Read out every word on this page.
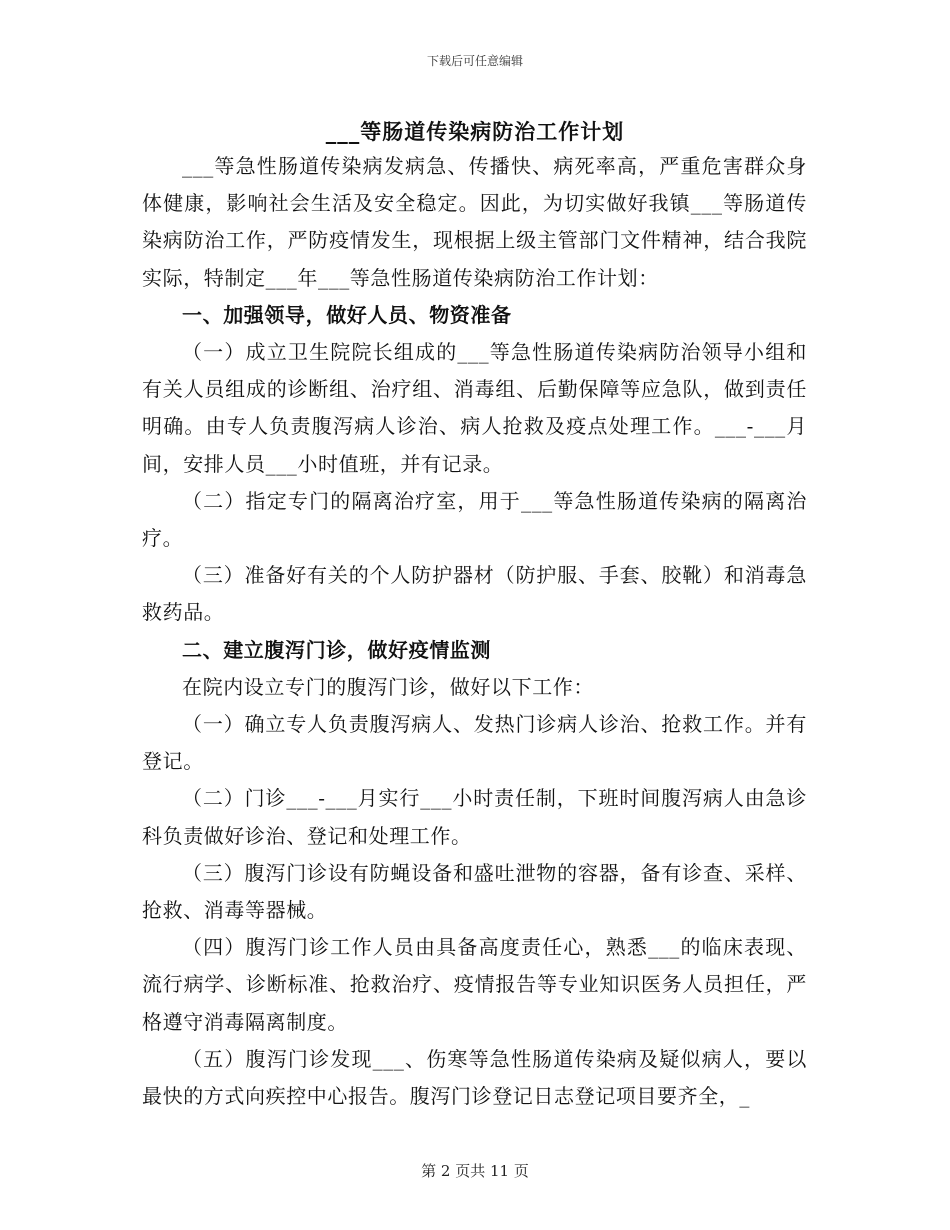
下载后可任意编辑
___等肠道传染病防治工作计划

___等急性肠道传染病发病急、传播快、病死率高，严重危害群众身体健康，影响社会生活及安全稳定。因此，为切实做好我镇___等肠道传染病防治工作，严防疫情发生，现根据上级主管部门文件精神，结合我院实际，特制定___年___等急性肠道传染病防治工作计划：

一、加强领导，做好人员、物资准备

（一）成立卫生院院长组成的___等急性肠道传染病防治领导小组和有关人员组成的诊断组、治疗组、消毒组、后勤保障等应急队，做到责任明确。由专人负责腹泻病人诊治、病人抢救及疫点处理工作。___-___月间，安排人员___小时值班，并有记录。

（二）指定专门的隔离治疗室，用于___等急性肠道传染病的隔离治疗。

（三）准备好有关的个人防护器材（防护服、手套、胶靴）和消毒急救药品。

二、建立腹泻门诊，做好疫情监测

在院内设立专门的腹泻门诊，做好以下工作：

（一）确立专人负责腹泻病人、发热门诊病人诊治、抢救工作。并有登记。

（二）门诊___-___月实行___小时责任制，下班时间腹泻病人由急诊科负责做好诊治、登记和处理工作。

（三）腹泻门诊设有防蝇设备和盛吐泄物的容器，备有诊查、采样、抢救、消毒等器械。

（四）腹泻门诊工作人员由具备高度责任心，熟悉___的临床表现、流行病学、诊断标准、抢救治疗、疫情报告等专业知识医务人员担任，严格遵守消毒隔离制度。

（五）腹泻门诊发现___、伤寒等急性肠道传染病及疑似病人，要以最快的方式向疾控中心报告。腹泻门诊登记日志登记项目要齐全，_

第 2 页共 11 页
